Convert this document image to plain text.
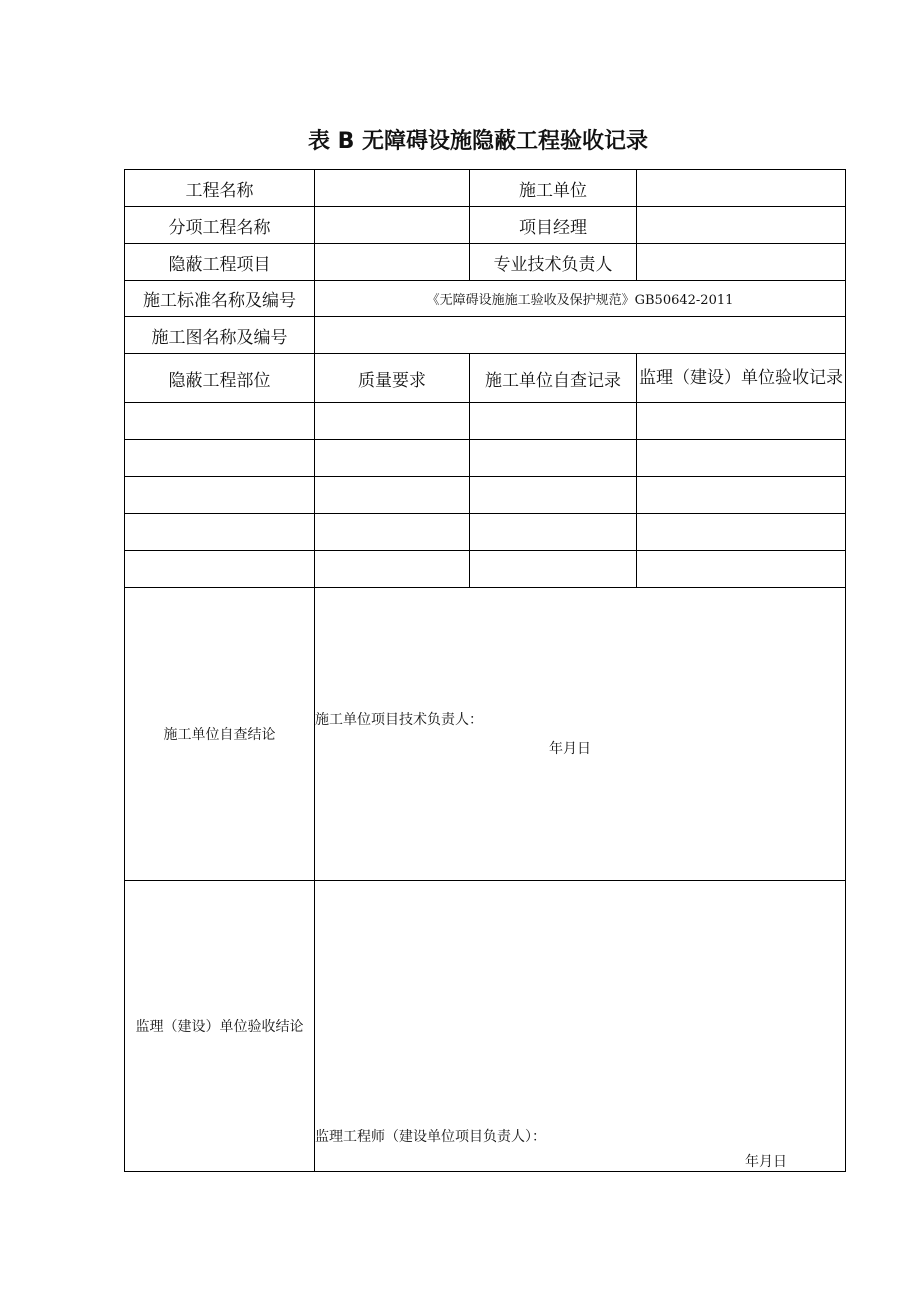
表 B 无障碍设施隐蔽工程验收记录
工程名称		施工单位	
分项工程名称		项目经理	
隐蔽工程项目		专业技术负责人	
施工标准名称及编号	《无障碍设施施工验收及保护规范》GB50642-2011		
施工图名称及编号			
隐蔽工程部位	质量要求	施工单位自查记录	监理（建设）单位验收记录

施工单位自查结论	施工单位项目技术负责人：
年月日		

监理（建设）单位验收结论	监理工程师（建设单位项目负责人）：
年月日		
